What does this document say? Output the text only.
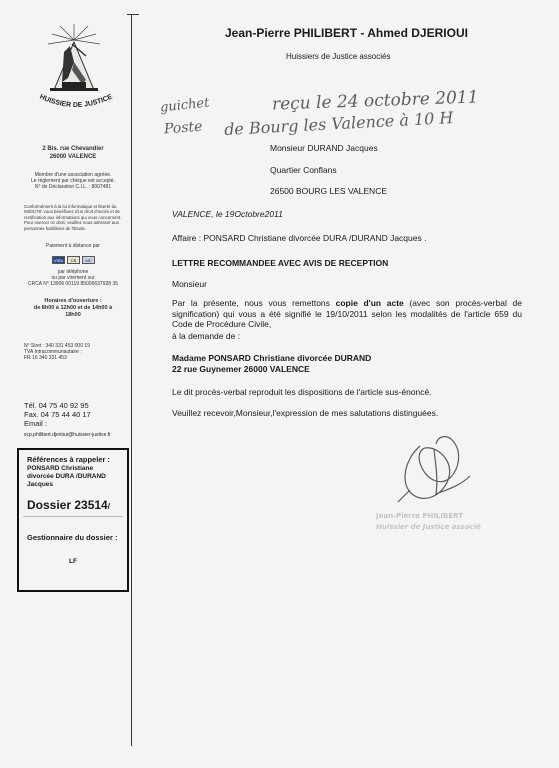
Jean-Pierre PHILIBERT - Ahmed DJERIOUI
Huissiers de Justice associés
HUISSIER DE JUSTICE
2 Bis. rue Chevandier
26000 VALENCE
Membre d'une association agréée.
Le règlement par chèque est accepté.
N° de Déclaration C.I.L. : 8007481
Conformément à la loi informatique et liberté du
06/01/78: vous bénéficiez d'un droit d'accès et de
rectification aux informations qui vous concernent.
Pour exercer ce droit, veuillez vous adresser aux
personnes habilitées de l'Etude.
Paiement à distance par
VISA	CB	MC
par téléphone
ou par virement sur
CRCA N° 13906 00119 85006637928 35
Horaires d'ouverture :
de 8h00 à 12h00 et de 14h00 à
18h00
N° Siret : 340 331 453 000 19
TVA Intracommunautaire :
FR 16 340 331 453
Tél. 04 75 40 92 95
Fax. 04 75 44 40 17
Email :
scp.philibert.djerioui@huissier-justice.fr
Références à rappeler :
PONSARD Christiane
divorcée DURA /DURAND
Jacques
Dossier 23514/
Gestionnaire du dossier :
LF
guichet
Poste
reçu le 24 octobre 2011
de Bourg les Valence à 10 H
Monsieur DURAND Jacques
Quartier Conflans
26500 BOURG LES VALENCE
VALENCE, le 19Octobre2011
Affaire : PONSARD Christiane divorcée DURA /DURAND Jacques .
LETTRE RECOMMANDEE AVEC AVIS DE RECEPTION
Monsieur
Par la présente, nous vous remettons copie d'un acte (avec son procès-verbal de signification) qui vous a été signifié le 19/10/2011 selon les modalités de l'article 659 du Code de Procédure Civile,
à la demande de :
Madame PONSARD Christiane divorcée DURAND
22 rue Guynemer 26000 VALENCE
Le dit procès-verbal reproduit les dispositions de l'article sus-énoncé.
Veuillez recevoir,Monsieur,l'expression de mes salutations distinguées.
Jean-Pierre PHILIBERT
Huissier de Justice associé
